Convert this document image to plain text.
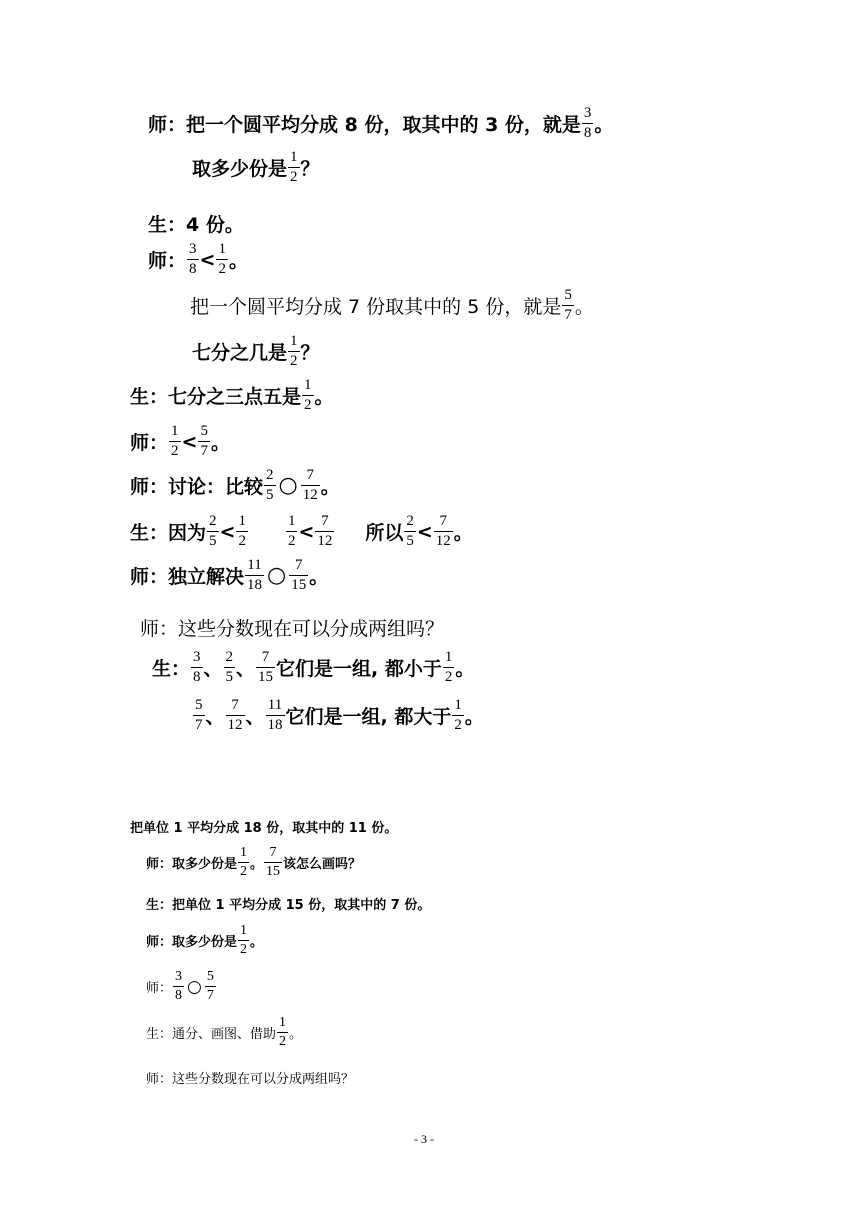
师：把一个圆平均分成 8 份，取其中的 3 份，就是 $\frac{3}{8}$ 。
取多少份是 $\frac{1}{2}$ ？
生：4 份。
师： $\frac{3}{8} < \frac{1}{2}$ 。
把一个圆平均分成 7 份取其中的 5 份，就是 $\frac{5}{7}$ 。
七分之几是 $\frac{1}{2}$ ？
生：七分之三点五是 $\frac{1}{2}$ 。
师： $\frac{1}{2} < \frac{5}{7}$ 。
师：讨论：比较 $\frac{2}{5}$ ○ $\frac{7}{12}$ 。
生：因为 $\frac{2}{5} < \frac{1}{2}$	$\frac{1}{2} < \frac{7}{12}$ 所以 $\frac{2}{5} < \frac{7}{12}$ 。
师：独立解决 $\frac{11}{18}$ ○ $\frac{7}{15}$ 。
师：这些分数现在可以分成两组吗？
生： $\frac{3}{8}$ 、 $\frac{2}{5}$ 、 $\frac{7}{15}$ 它们是一组, 都小于 $\frac{1}{2}$ 。
$\frac{5}{7}$ 、 $\frac{7}{12}$ 、 $\frac{11}{18}$ 它们是一组, 都大于 $\frac{1}{2}$ 。
把单位 1 平均分成 18 份，取其中的 11 份。
师：取多少份是 $\frac{1}{2}$ 。 $\frac{7}{15}$ 该怎么画吗？
生：把单位 1 平均分成 15 份，取其中的 7 份。
师：取多少份是 $\frac{1}{2}$ 。
师： $\frac{3}{8}$ ○ $\frac{5}{7}$
生：通分、画图、借助 $\frac{1}{2}$ 。
师：这些分数现在可以分成两组吗？
- 3 -
